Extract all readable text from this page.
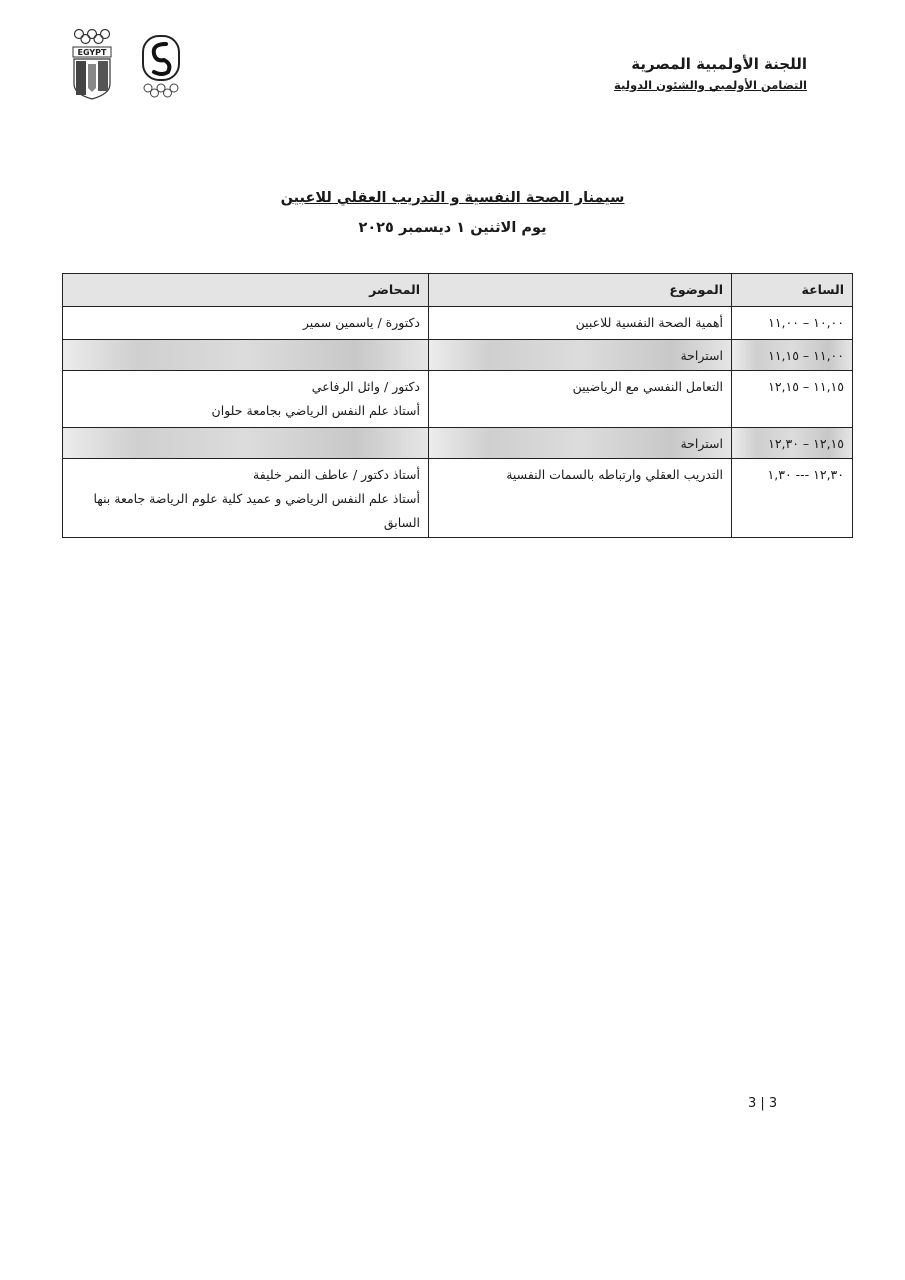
اللجنة الأولمبية المصرية
التضامن الأولمبي والشئون الدولية
EGYPT
سيمنار الصحة النفسية و التدريب العقلي للاعبين
يوم الاثنين ١ ديسمبر ٢٠٢٥
الساعة	الموضوع	المحاضر
١٠,٠٠ – ١١,٠٠	أهمية الصحة النفسية للاعبين	دكتورة / ياسمين سمير

١١,٠٠ – ١١,١٥	استراحة	
١١,١٥ – ١٢,١٥	التعامل النفسي مع الرياضيين	دكتور / وائل الرفاعي
أستاذ علم النفس الرياضي بجامعة حلوان

١٢,١٥ – ١٢,٣٠	استراحة	
١٢,٣٠ --- ١,٣٠	التدريب العقلي وارتباطه بالسمات النفسية	أستاذ دكتور / عاطف النمر خليفة
أستاذ علم النفس الرياضي و عميد كلية علوم الرياضة جامعة بنها السابق
3 | 3
